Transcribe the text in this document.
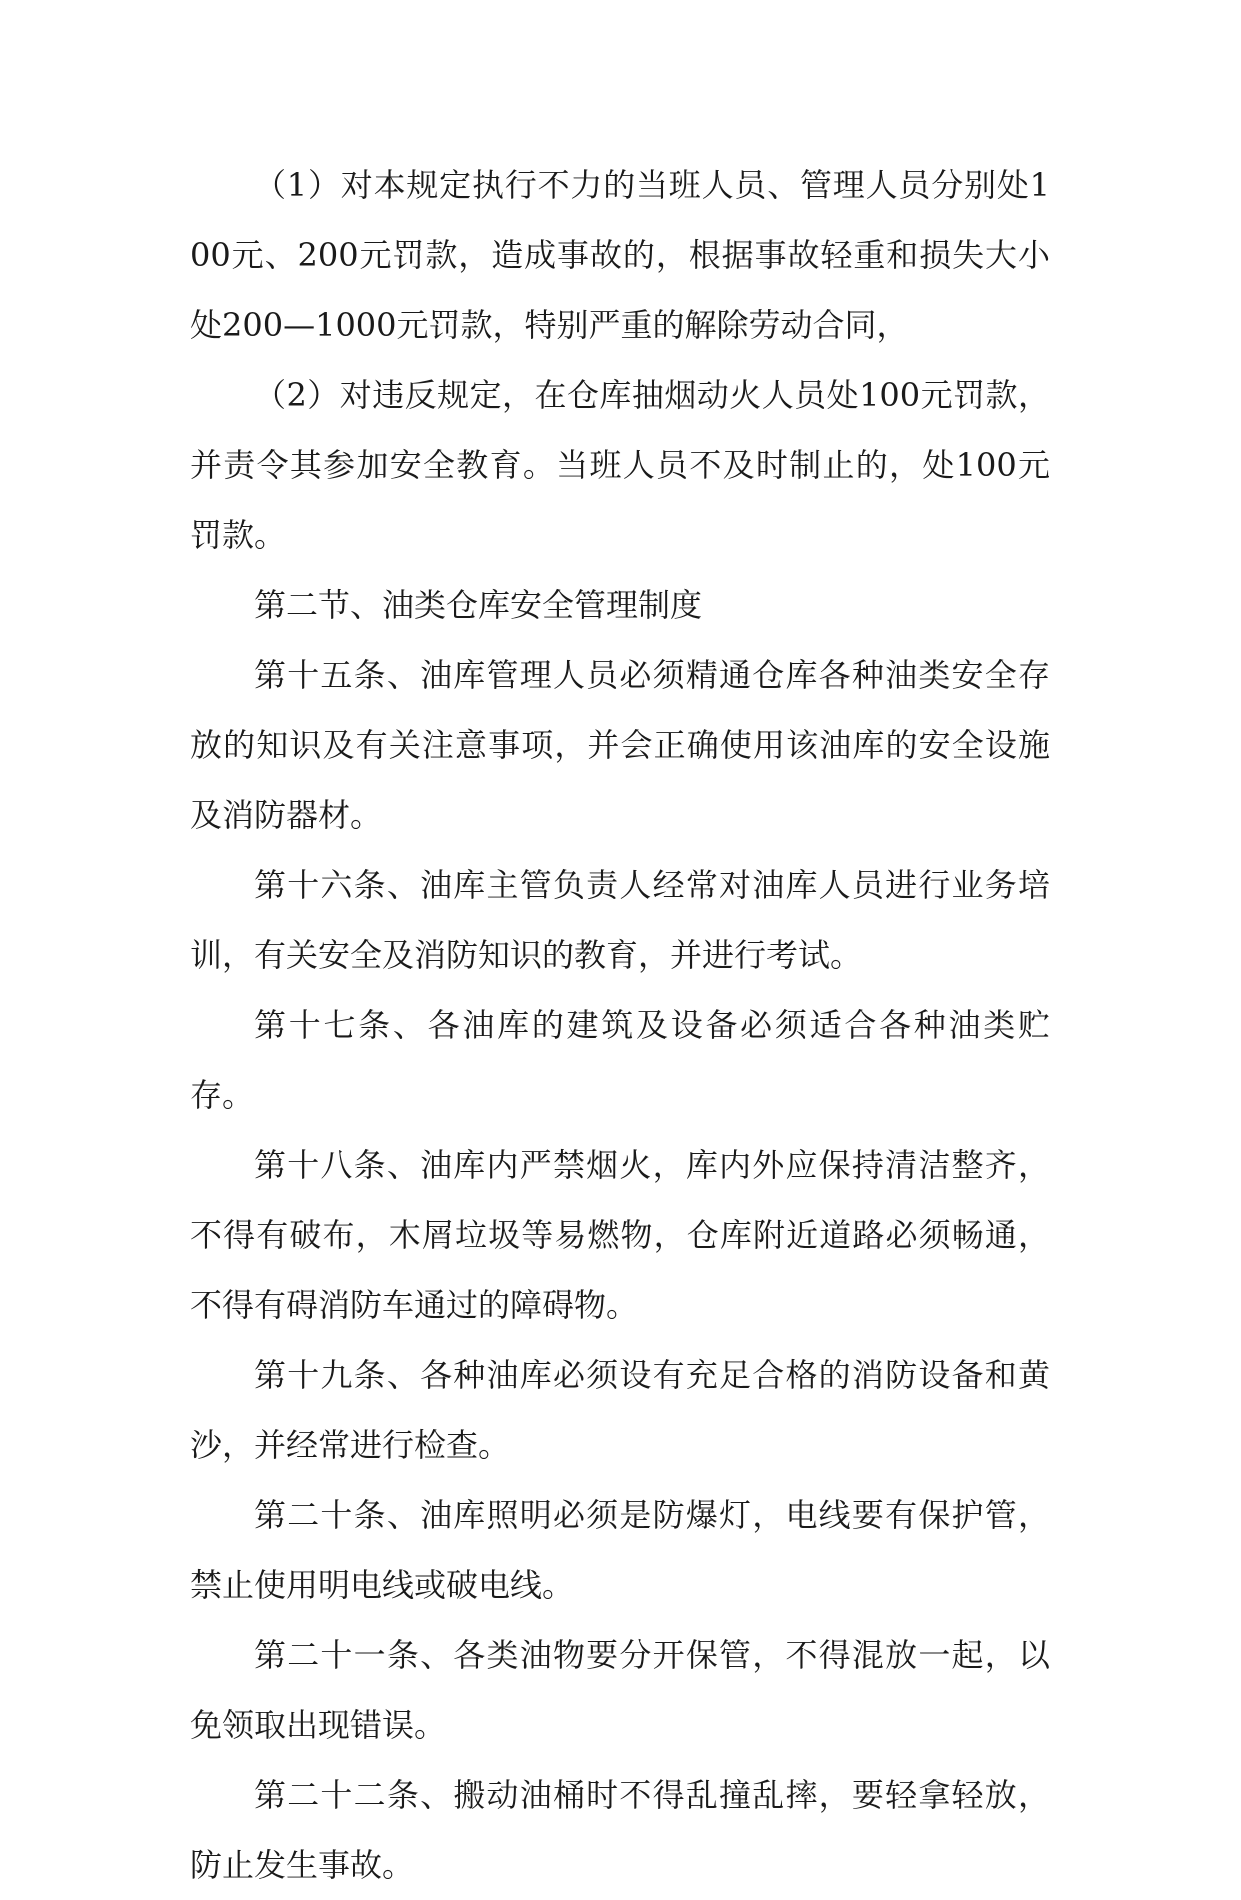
（1）对本规定执行不力的当班人员、管理人员分别处100元、200元罚款，造成事故的，根据事故轻重和损失大小处200—1000元罚款，特别严重的解除劳动合同，

（2）对违反规定，在仓库抽烟动火人员处100元罚款，并责令其参加安全教育。当班人员不及时制止的，处100元罚款。

第二节、油类仓库安全管理制度

第十五条、油库管理人员必须精通仓库各种油类安全存放的知识及有关注意事项，并会正确使用该油库的安全设施及消防器材。

第十六条、油库主管负责人经常对油库人员进行业务培训，有关安全及消防知识的教育，并进行考试。

第十七条、各油库的建筑及设备必须适合各种油类贮存。

第十八条、油库内严禁烟火，库内外应保持清洁整齐，不得有破布，木屑垃圾等易燃物，仓库附近道路必须畅通，不得有碍消防车通过的障碍物。

第十九条、各种油库必须设有充足合格的消防设备和黄沙，并经常进行检查。

第二十条、油库照明必须是防爆灯，电线要有保护管，禁止使用明电线或破电线。

第二十一条、各类油物要分开保管，不得混放一起，以免领取出现错误。

第二十二条、搬动油桶时不得乱撞乱摔，要轻拿轻放，防止发生事故。
